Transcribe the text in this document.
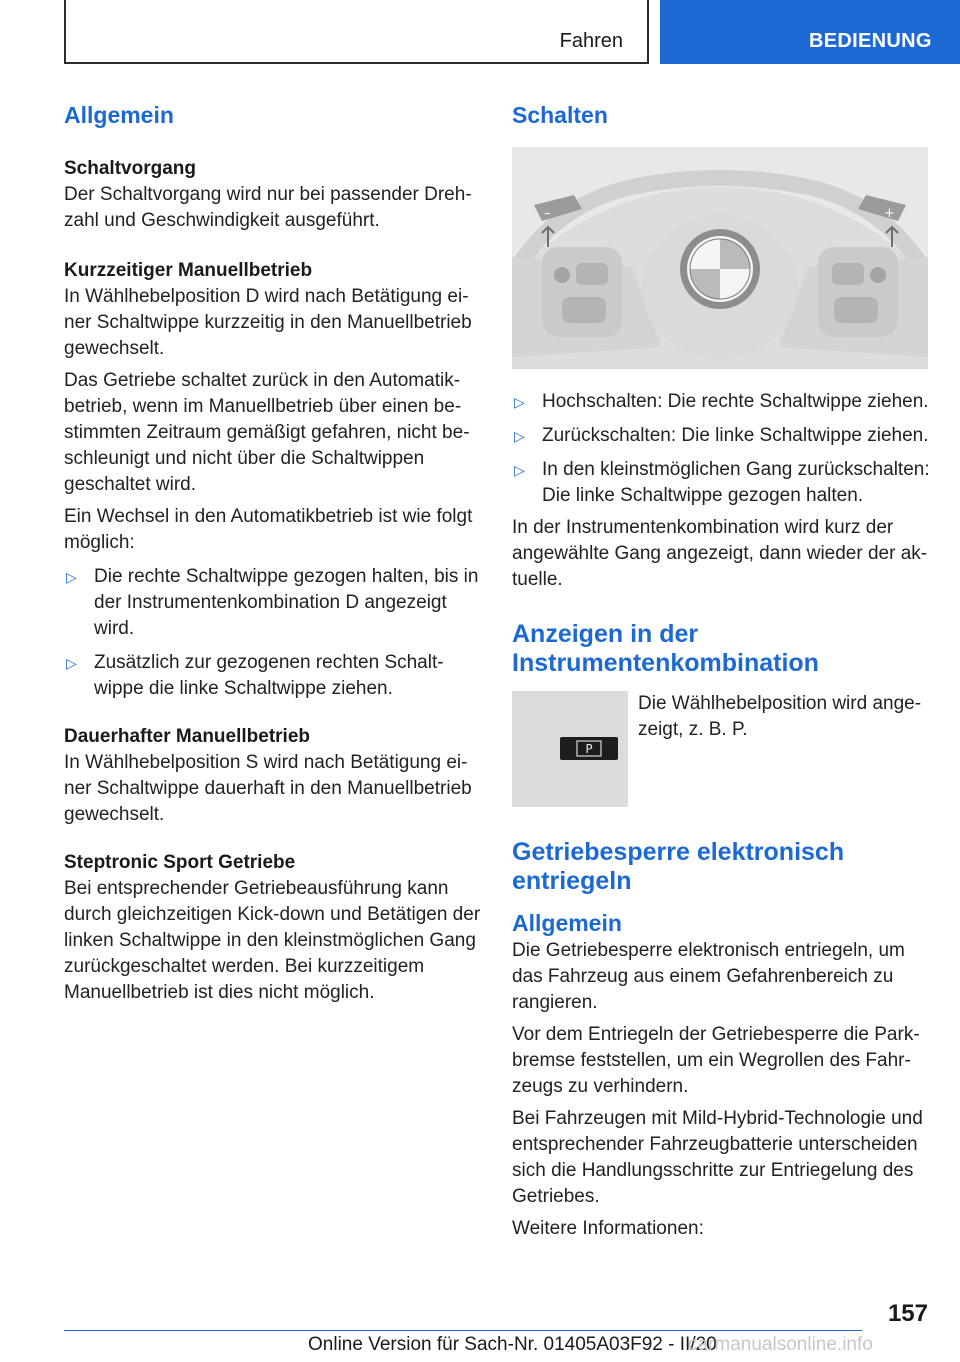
Fahren	BEDIENUNG
Allgemein
Schaltvorgang
Der Schaltvorgang wird nur bei passender Drehzahl und Geschwindigkeit ausgeführt.
Kurzzeitiger Manuellbetrieb
In Wählhebelposition D wird nach Betätigung einer Schaltwippe kurzzeitig in den Manuellbetrieb gewechselt.
Das Getriebe schaltet zurück in den Automatikbetrieb, wenn im Manuellbetrieb über einen bestimmten Zeitraum gemäßigt gefahren, nicht beschleunigt und nicht über die Schaltwippen geschaltet wird.
Ein Wechsel in den Automatikbetrieb ist wie folgt möglich:
▷ Die rechte Schaltwippe gezogen halten, bis in der Instrumentenkombination D angezeigt wird.
▷ Zusätzlich zur gezogenen rechten Schaltwippe die linke Schaltwippe ziehen.
Dauerhafter Manuellbetrieb
In Wählhebelposition S wird nach Betätigung einer Schaltwippe dauerhaft in den Manuellbetrieb gewechselt.
Steptronic Sport Getriebe
Bei entsprechender Getriebeausführung kann durch gleichzeitigen Kick-down und Betätigen der linken Schaltwippe in den kleinstmöglichen Gang zurückgeschaltet werden. Bei kurzzeitigem Manuellbetrieb ist dies nicht möglich.
Schalten
–	+
▷ Hochschalten: Die rechte Schaltwippe ziehen.
▷ Zurückschalten: Die linke Schaltwippe ziehen.
▷ In den kleinstmöglichen Gang zurückschalten: Die linke Schaltwippe gezogen halten.
In der Instrumentenkombination wird kurz der angewählte Gang angezeigt, dann wieder der aktuelle.
Anzeigen in der Instrumentenkombination
P
Die Wählhebelposition wird angezeigt, z. B. P.
Getriebesperre elektronisch entriegeln
Allgemein
Die Getriebesperre elektronisch entriegeln, um das Fahrzeug aus einem Gefahrenbereich zu rangieren.
Vor dem Entriegeln der Getriebesperre die Parkbremse feststellen, um ein Wegrollen des Fahrzeugs zu verhindern.
Bei Fahrzeugen mit Mild-Hybrid-Technologie und entsprechender Fahrzeugbatterie unterscheiden sich die Handlungsschritte zur Entriegelung des Getriebes.
Weitere Informationen:
157
Online Version für Sach-Nr. 01405A03F92 - II/20
carmanualsonline.info
